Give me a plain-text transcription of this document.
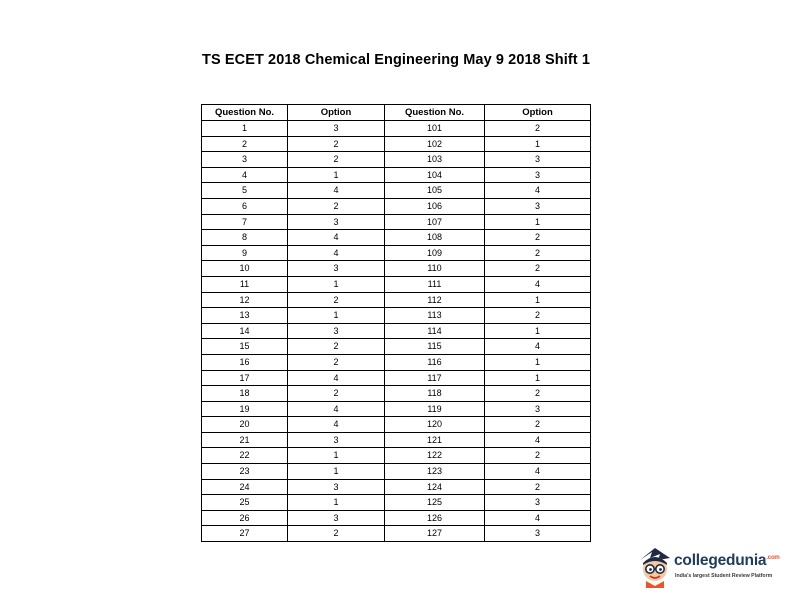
TS ECET 2018 Chemical Engineering May 9 2018 Shift 1
Question No.	Option	Question No.	Option
1	3	101	2
2	2	102	1
3	2	103	3
4	1	104	3
5	4	105	4
6	2	106	3
7	3	107	1
8	4	108	2
9	4	109	2
10	3	110	2
11	1	111	4
12	2	112	1
13	1	113	2
14	3	114	1
15	2	115	4
16	2	116	1
17	4	117	1
18	2	118	2
19	4	119	3
20	4	120	2
21	3	121	4
22	1	122	2
23	1	123	4
24	3	124	2
25	1	125	3
26	3	126	4
27	2	127	3
collegedunia$^{.com}$
India's largest Student Review Platform
